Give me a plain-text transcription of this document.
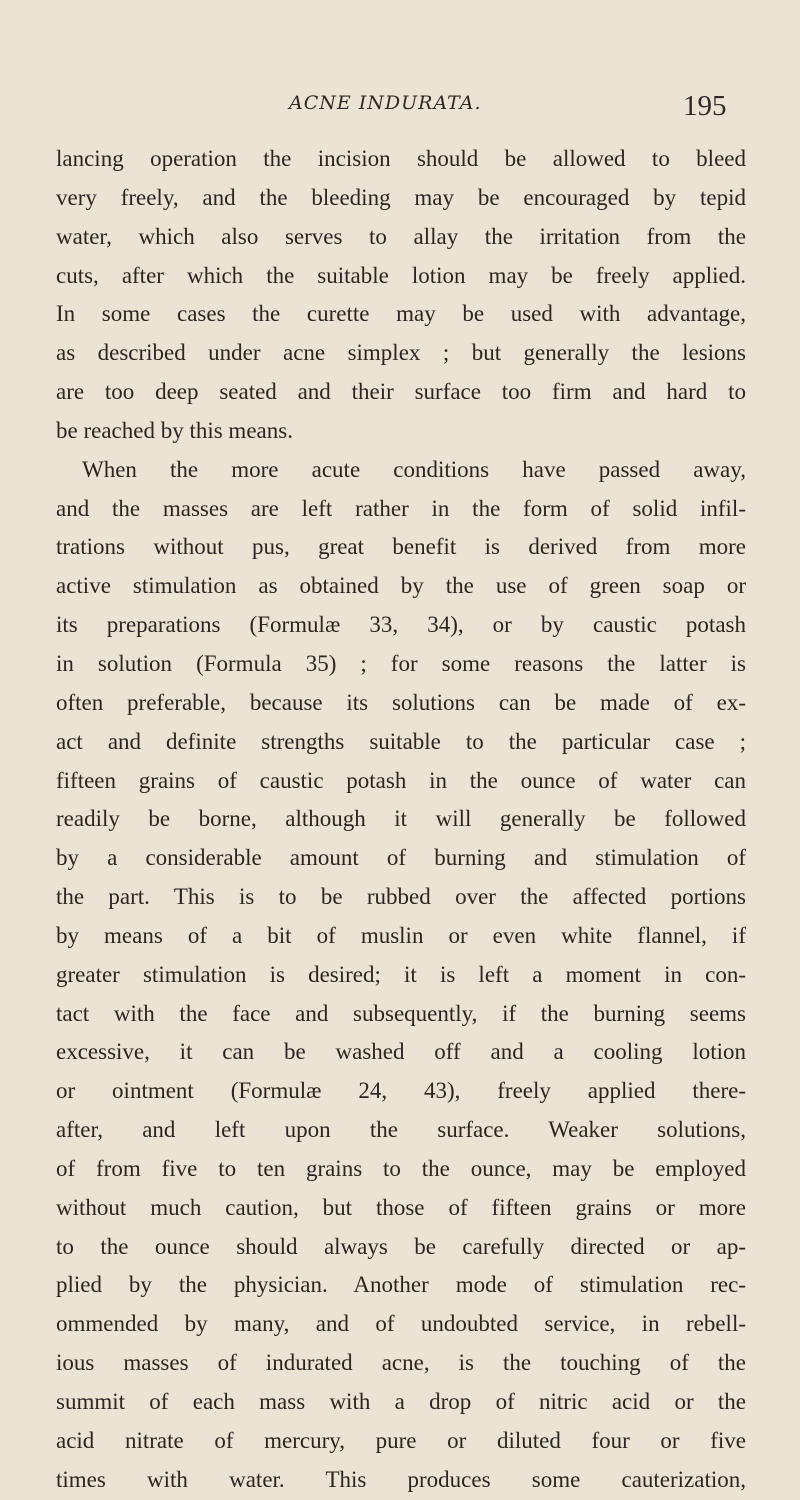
ACNE INDURATA.	195
lancing operation the incision should be allowed to bleed
very freely, and the bleeding may be encouraged by tepid
water, which also serves to allay the irritation from the
cuts, after which the suitable lotion may be freely applied.
In some cases the curette may be used with advantage,
as described under acne simplex ; but generally the lesions
are too deep seated and their surface too firm and hard to
be reached by this means.
When the more acute conditions have passed away,
and the masses are left rather in the form of solid infil-
trations without pus, great benefit is derived from more
active stimulation as obtained by the use of green soap or
its preparations (Formulæ 33, 34), or by caustic potash
in solution (Formula 35) ; for some reasons the latter is
often preferable, because its solutions can be made of ex-
act and definite strengths suitable to the particular case ;
fifteen grains of caustic potash in the ounce of water can
readily be borne, although it will generally be followed
by a considerable amount of burning and stimulation of
the part. This is to be rubbed over the affected portions
by means of a bit of muslin or even white flannel, if
greater stimulation is desired; it is left a moment in con-
tact with the face and subsequently, if the burning seems
excessive, it can be washed off and a cooling lotion
or ointment (Formulæ 24, 43), freely applied there-
after, and left upon the surface. Weaker solutions,
of from five to ten grains to the ounce, may be employed
without much caution, but those of fifteen grains or more
to the ounce should always be carefully directed or ap-
plied by the physician. Another mode of stimulation rec-
ommended by many, and of undoubted service, in rebell-
ious masses of indurated acne, is the touching of the
summit of each mass with a drop of nitric acid or the
acid nitrate of mercury, pure or diluted four or five
times with water. This produces some cauterization,
